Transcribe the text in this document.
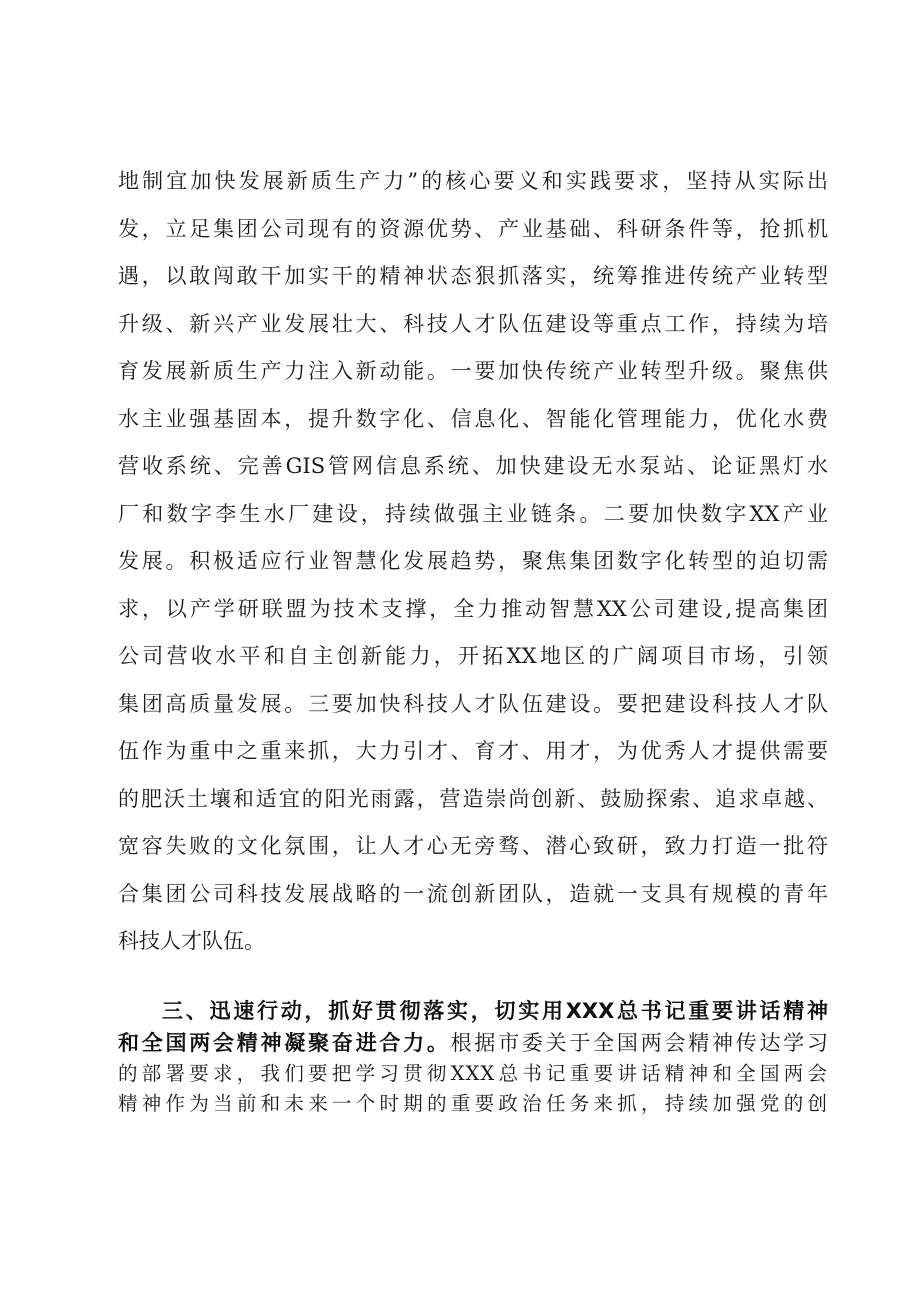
地制宜加快发展新质生产力”的核心要义和实践要求，坚持从实际出
发，立足集团公司现有的资源优势、产业基础、科研条件等，抢抓机
遇，以敢闯敢干加实干的精神状态狠抓落实，统筹推进传统产业转型
升级、新兴产业发展壮大、科技人才队伍建设等重点工作，持续为培
育发展新质生产力注入新动能。一要加快传统产业转型升级。聚焦供
水主业强基固本，提升数字化、信息化、智能化管理能力，优化水费
营收系统、完善GIS管网信息系统、加快建设无水泵站、论证黑灯水
厂和数字李生水厂建设，持续做强主业链条。二要加快数字XX产业
发展。积极适应行业智慧化发展趋势，聚焦集团数字化转型的迫切需
求，以产学研联盟为技术支撑，全力推动智慧XX公司建设,提高集团
公司营收水平和自主创新能力，开拓XX地区的广阔项目市场，引领
集团高质量发展。三要加快科技人才队伍建设。要把建设科技人才队
伍作为重中之重来抓，大力引才、育才、用才，为优秀人才提供需要
的肥沃土壤和适宜的阳光雨露，营造崇尚创新、鼓励探索、追求卓越、
宽容失败的文化氛围，让人才心无旁骛、潜心致研，致力打造一批符
合集团公司科技发展战略的一流创新团队，造就一支具有规模的青年
科技人才队伍。
三、迅速行动，抓好贯彻落实，切实用XXX总书记重要讲话精神
和全国两会精神凝聚奋进合力。根据市委关于全国两会精神传达学习
的部署要求，我们要把学习贯彻XXX总书记重要讲话精神和全国两会
精神作为当前和未来一个时期的重要政治任务来抓，持续加强党的创
